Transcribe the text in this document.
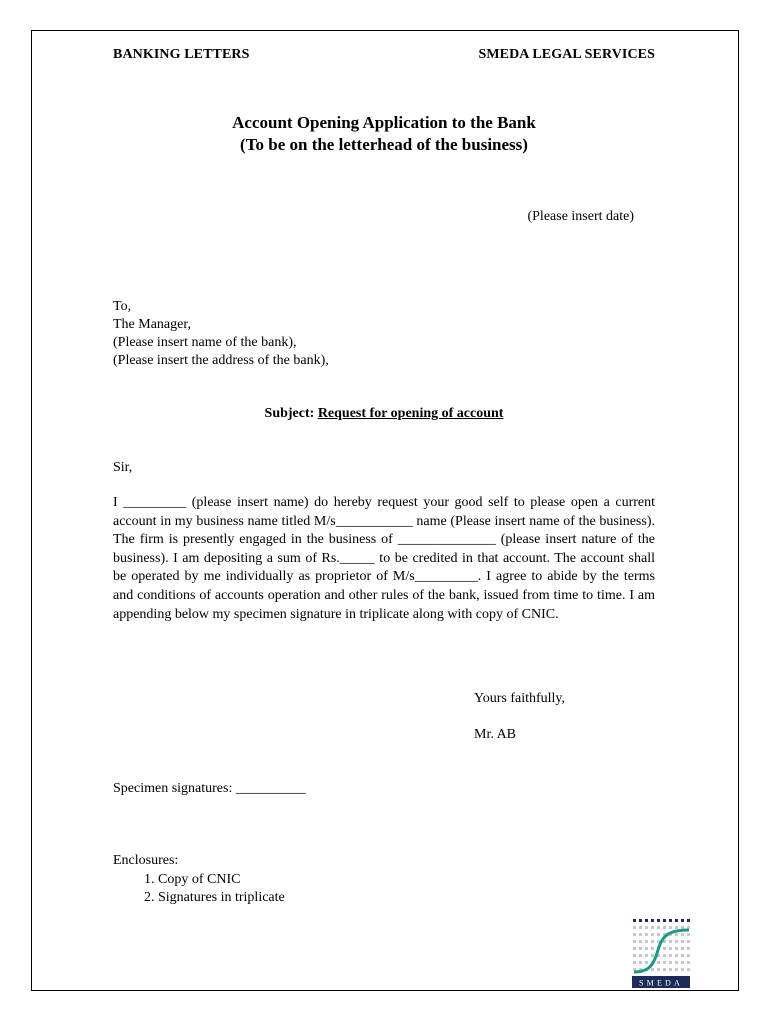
BANKING LETTERS	SMEDA LEGAL SERVICES
Account Opening Application to the Bank
(To be on the letterhead of the business)
(Please insert date)
To,
The Manager,
(Please insert name of the bank),
(Please insert the address of the bank),
Subject: Request for opening of account
Sir,
I _________ (please insert name) do hereby request your good self to please open a current account in my business name titled M/s___________ name (Please insert name of the business). The firm is presently engaged in the business of ______________ (please insert nature of the business). I am depositing a sum of Rs._____ to be credited in that account. The account shall be operated by me individually as proprietor of M/s_________. I agree to abide by the terms and conditions of accounts operation and other rules of the bank, issued from time to time. I am appending below my specimen signature in triplicate along with copy of CNIC.
Yours faithfully,
Mr. AB
Specimen signatures: __________
Enclosures:
1. Copy of CNIC
2. Signatures in triplicate
SMEDA
